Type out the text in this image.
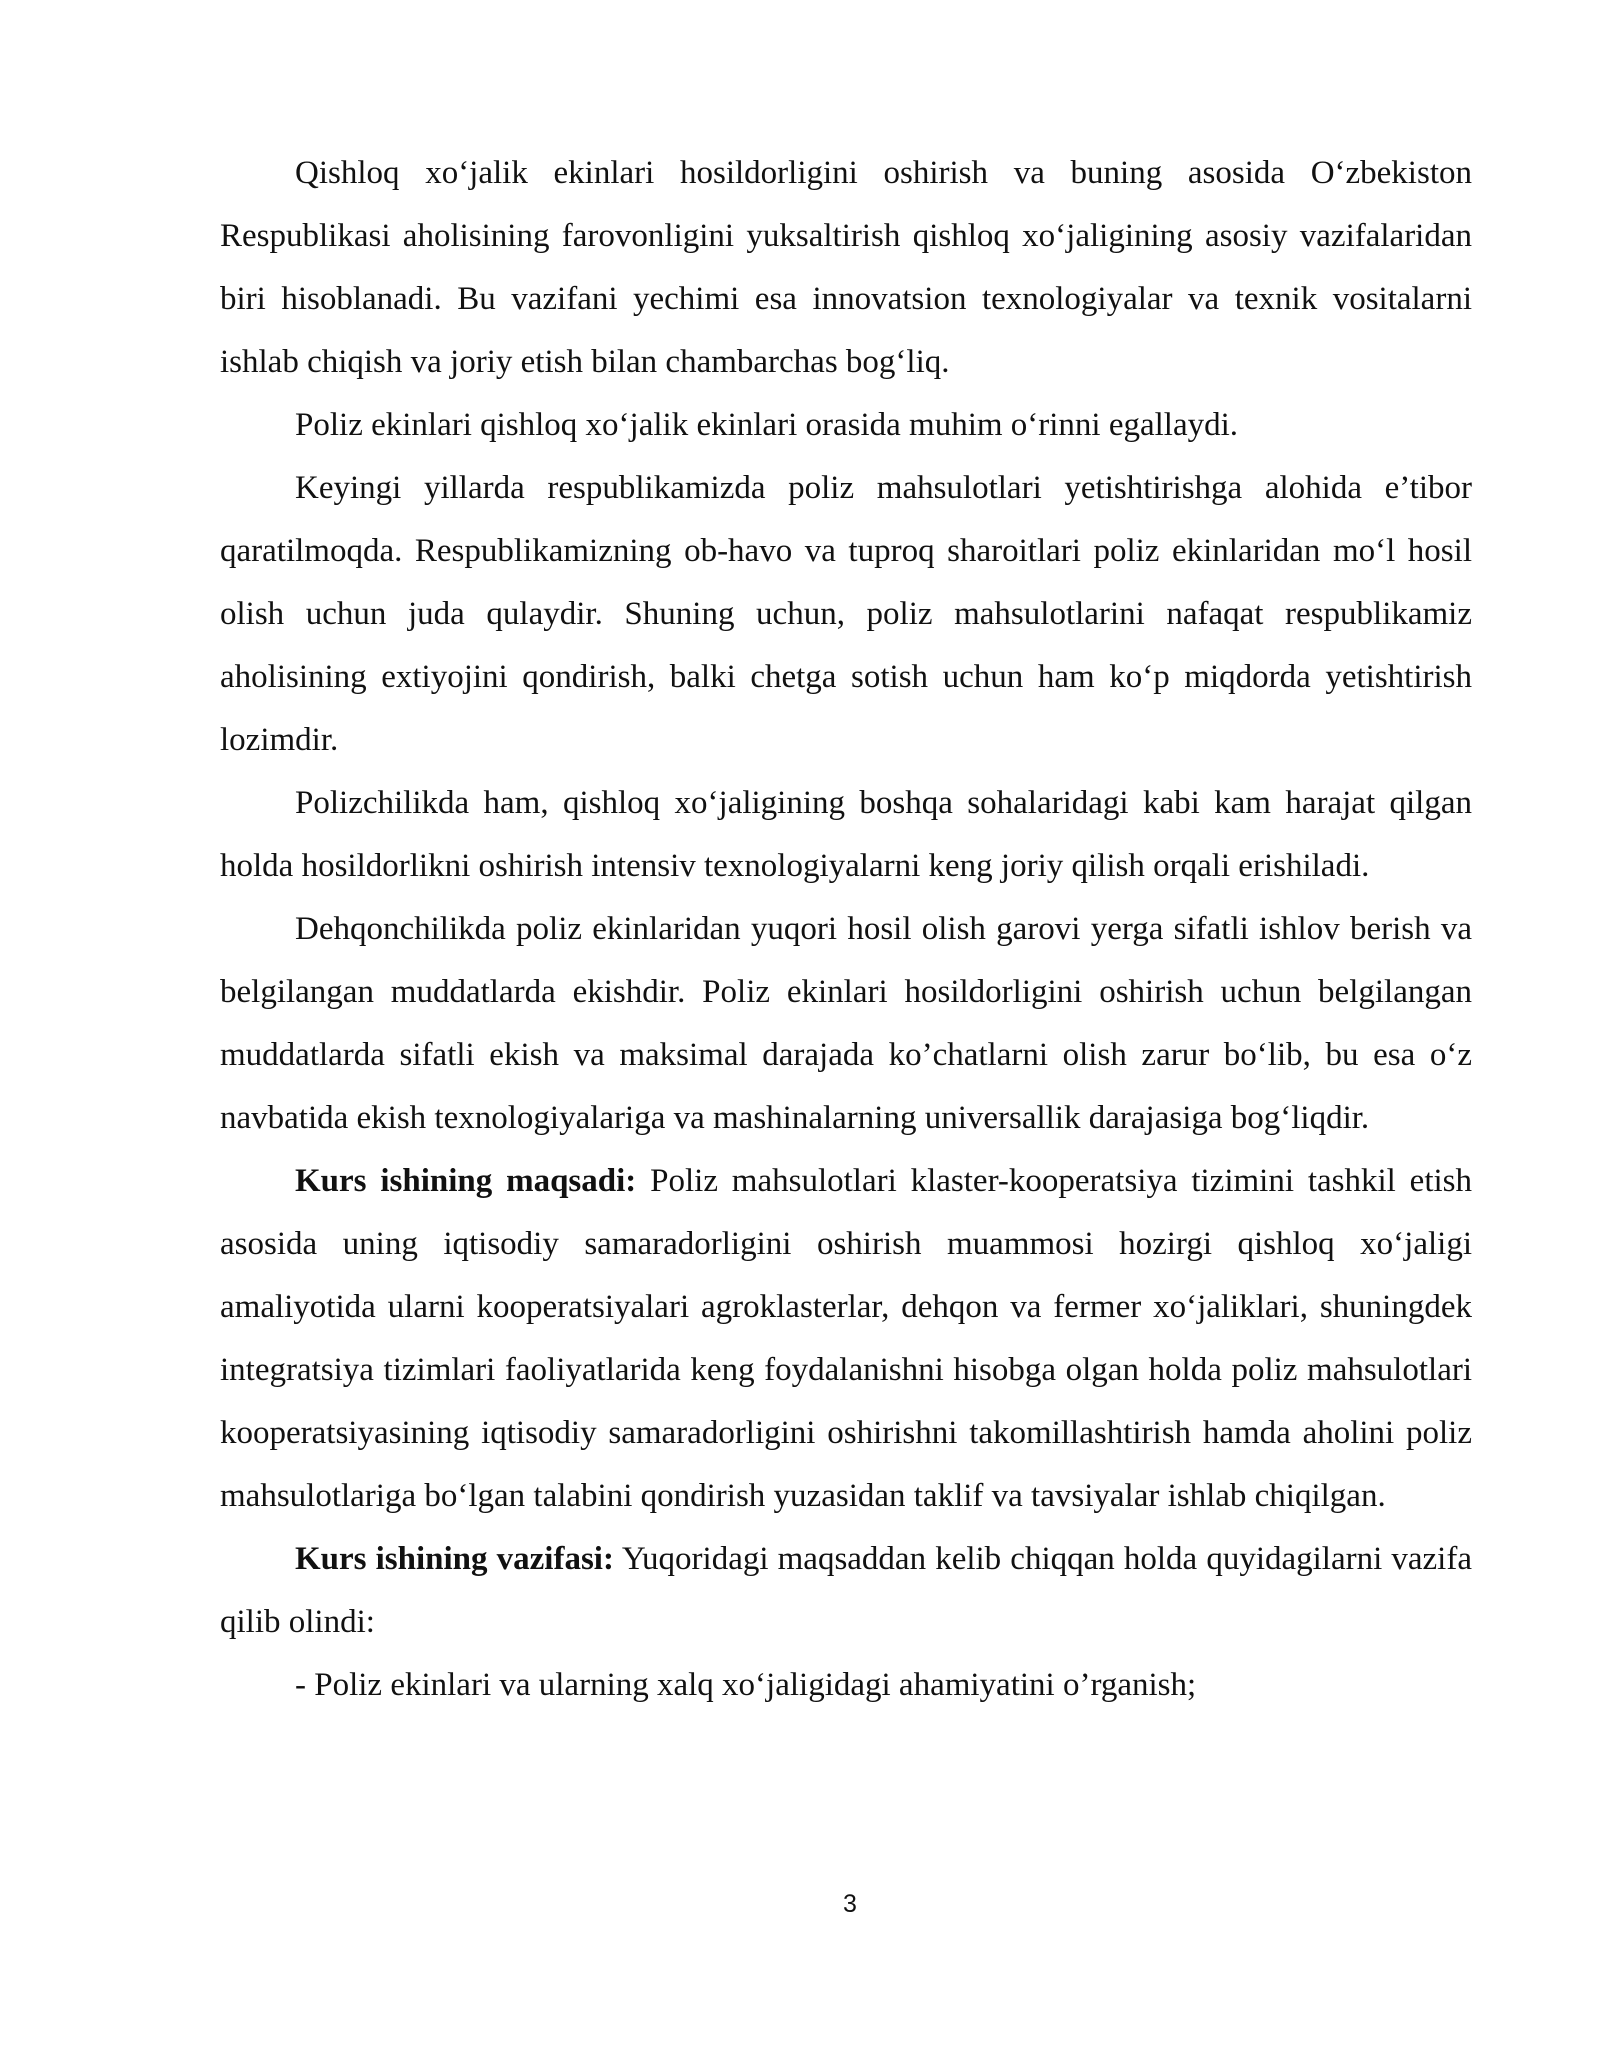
Qishloq xoʻjalik ekinlari hosildorligini oshirish va buning asosida Oʻzbekiston Respublikasi aholisining farovonligini yuksaltirish qishloq xoʻjaligining asosiy vazifalaridan biri hisoblanadi. Bu vazifani yechimi esa innovatsion texnologiyalar va texnik vositalarni ishlab chiqish va joriy etish bilan chambarchas bogʻliq.

Poliz ekinlari qishloq xoʻjalik ekinlari orasida muhim oʻrinni egallaydi.

Keyingi yillarda respublikamizda poliz mahsulotlari yetishtirishga alohida e’tibor qaratilmoqda. Respublikamizning ob-havo va tuproq sharoitlari poliz ekinlaridan moʻl hosil olish uchun juda qulaydir. Shuning uchun, poliz mahsulotlarini nafaqat respublikamiz aholisining extiyojini qondirish, balki chetga sotish uchun ham koʻp miqdorda yetishtirish lozimdir.

Polizchilikda ham, qishloq xoʻjaligining boshqa sohalaridagi kabi kam harajat qilgan holda hosildorlikni oshirish intensiv texnologiyalarni keng joriy qilish orqali erishiladi.

Dehqonchilikda poliz ekinlaridan yuqori hosil olish garovi yerga sifatli ishlov berish va belgilangan muddatlarda ekishdir. Poliz ekinlari hosildorligini oshirish uchun belgilangan muddatlarda sifatli ekish va maksimal darajada ko’chatlarni olish zarur boʻlib, bu esa oʻz navbatida ekish texnologiyalariga va mashinalarning universallik darajasiga bogʻliqdir.

Kurs ishining maqsadi: Poliz mahsulotlari klaster-kooperatsiya tizimini tashkil etish asosida uning iqtisodiy samaradorligini oshirish muammosi hozirgi qishloq xoʻjaligi amaliyotida ularni kooperatsiyalari agroklasterlar, dehqon va fermer xoʻjaliklari, shuningdek integratsiya tizimlari faoliyatlarida keng foydalanishni hisobga olgan holda poliz mahsulotlari kooperatsiyasining iqtisodiy samaradorligini oshirishni takomillashtirish hamda aholini poliz mahsulotlariga boʻlgan talabini qondirish yuzasidan taklif va tavsiyalar ishlab chiqilgan.

Kurs ishining vazifasi: Yuqoridagi maqsaddan kelib chiqqan holda quyidagilarni vazifa qilib olindi:

- Poliz ekinlari va ularning xalq xoʻjaligidagi ahamiyatini o’rganish;

3
